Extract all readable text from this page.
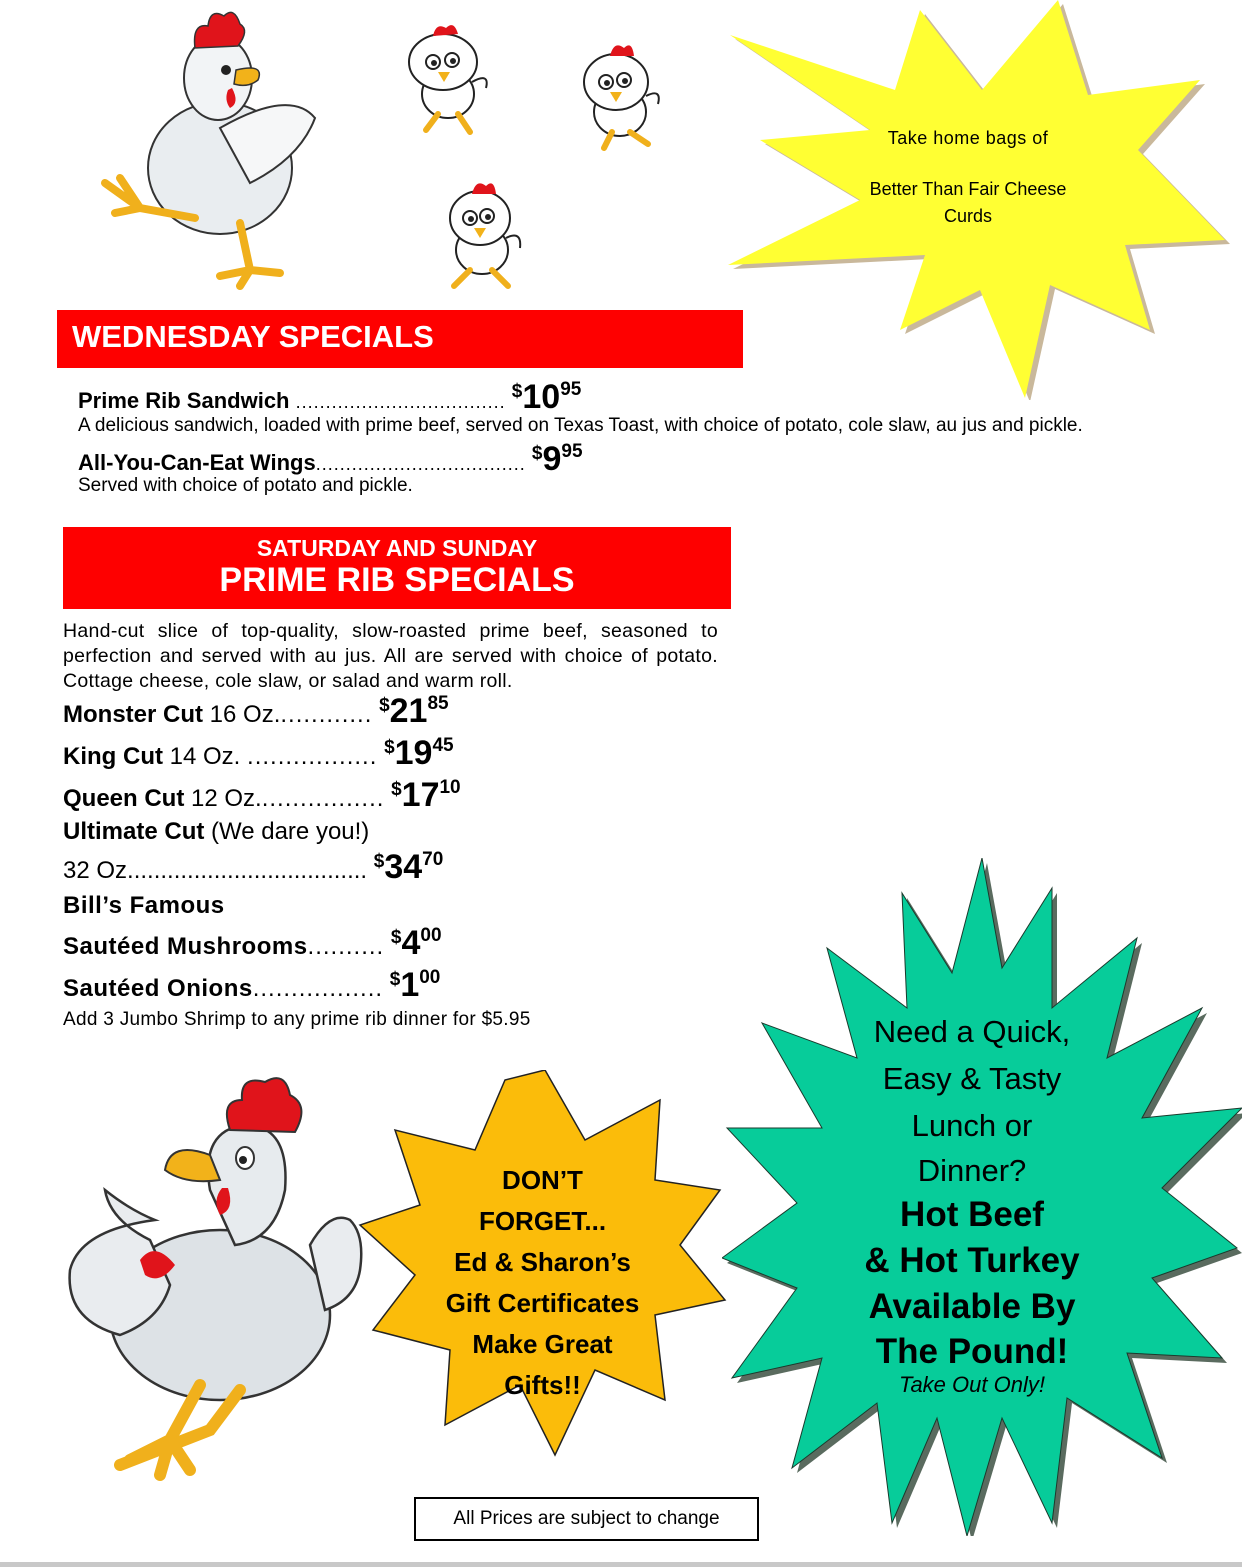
Take home bags of
Better Than Fair Cheese Curds
WEDNESDAY SPECIALS
Prime Rib Sandwich ................................... $1095
A delicious sandwich, loaded with prime beef, served on Texas Toast, with choice of potato, cole slaw, au jus and pickle.
All-You-Can-Eat Wings................................... $995
Served with choice of potato and pickle.
SATURDAY AND SUNDAY
PRIME RIB SPECIALS
Hand-cut slice of top-quality, slow-roasted prime beef, seasoned to perfection and served with au jus. All are served with choice of potato. Cottage cheese, cole slaw, or salad and warm roll.
Monster Cut 16 Oz............. $^{\$}21^{85}$
King Cut 14 Oz. ................. $^{\$}19^{45}$
Queen Cut 12 Oz................. $^{\$}17^{10}$
Ultimate Cut (We dare you!)
32 Oz.................................... $^{\$}34^{70}$
Bill’s Famous
Sautéed Mushrooms.......... $^{\$}4^{00}$
Sautéed Onions................. $^{\$}1^{00}$
Add 3 Jumbo Shrimp to any prime rib dinner for $5.95
DON’T
FORGET...
Ed & Sharon’s
Gift Certificates
Make Great
Gifts!!
Need a Quick,
Easy & Tasty
Lunch or
Dinner?
Hot Beef
& Hot Turkey
Available By
The Pound!
Take Out Only!
All Prices are subject to change
